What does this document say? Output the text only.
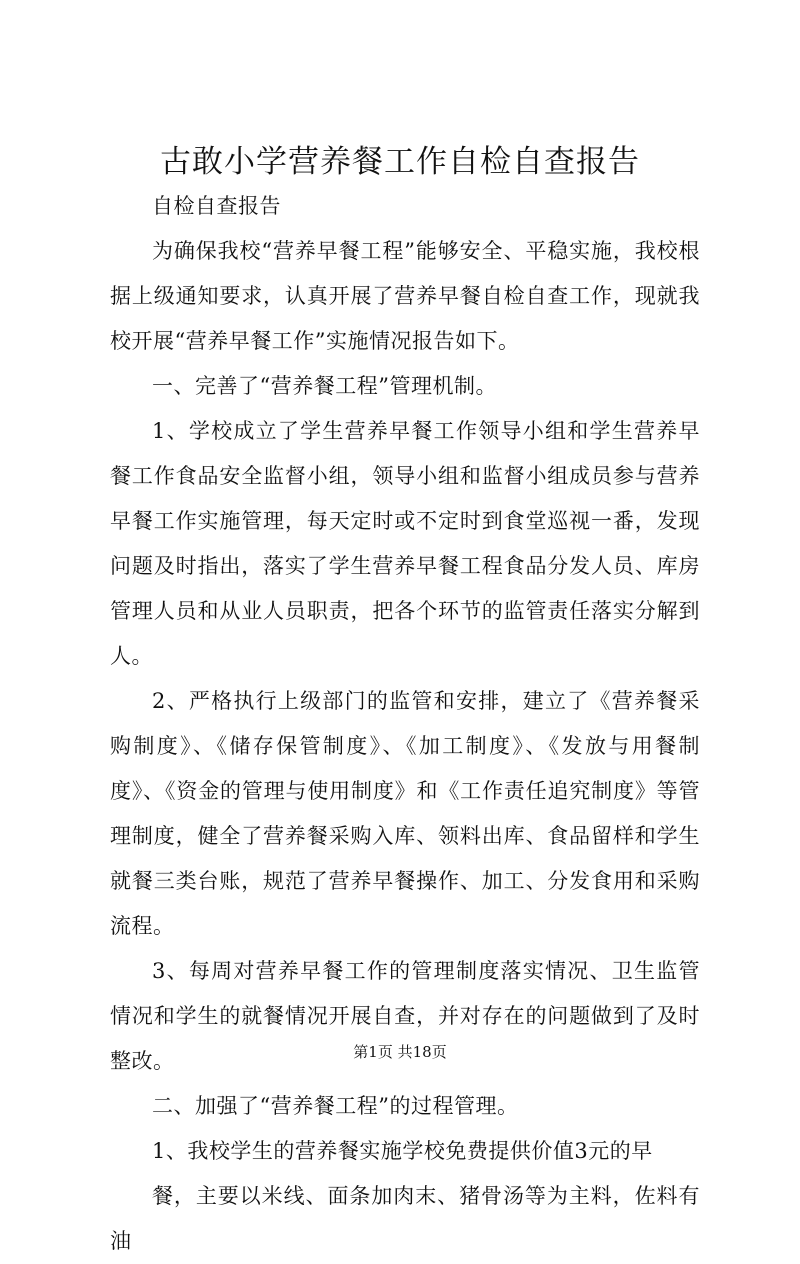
古敢小学营养餐工作自检自查报告

自检自查报告

为确保我校“营养早餐工程”能够安全、平稳实施，我校根据上级通知要求，认真开展了营养早餐自检自查工作，现就我校开展“营养早餐工作”实施情况报告如下。

一、完善了“营养餐工程”管理机制。

1、学校成立了学生营养早餐工作领导小组和学生营养早餐工作食品安全监督小组，领导小组和监督小组成员参与营养早餐工作实施管理，每天定时或不定时到食堂巡视一番，发现问题及时指出，落实了学生营养早餐工程食品分发人员、库房管理人员和从业人员职责，把各个环节的监管责任落实分解到人。

2、严格执行上级部门的监管和安排，建立了《营养餐采购制度》、《储存保管制度》、《加工制度》、《发放与用餐制度》、《资金的管理与使用制度》和《工作责任追究制度》等管理制度，健全了营养餐采购入库、领料出库、食品留样和学生就餐三类台账，规范了营养早餐操作、加工、分发食用和采购流程。

3、每周对营养早餐工作的管理制度落实情况、卫生监管情况和学生的就餐情况开展自查，并对存在的问题做到了及时整改。

二、加强了“营养餐工程”的过程管理。

1、我校学生的营养餐实施学校免费提供价值3元的早

餐，主要以米线、面条加肉末、猪骨汤等为主料，佐料有油

第1页 共18页
